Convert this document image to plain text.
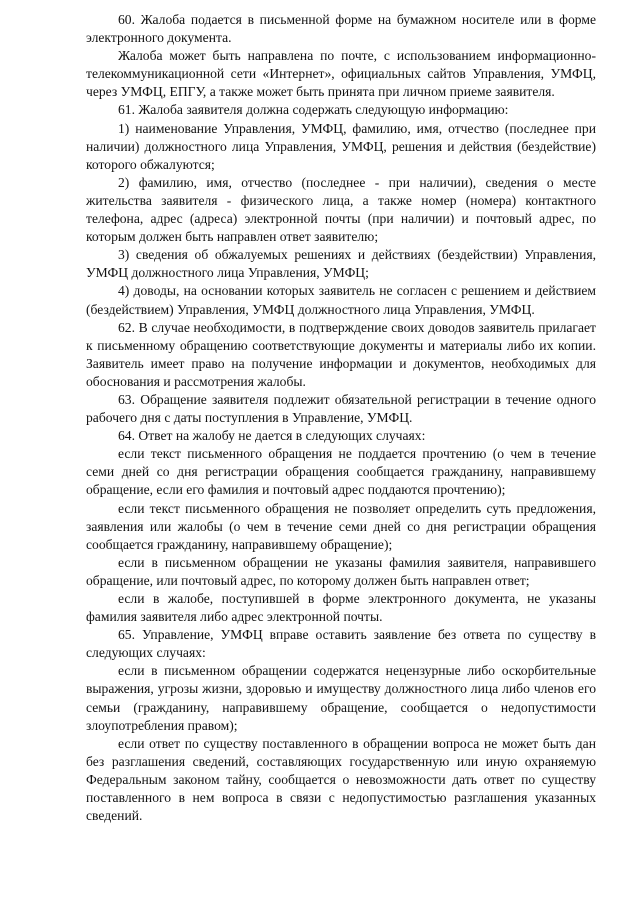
60. Жалоба подается в письменной форме на бумажном носителе или в форме электронного документа.

Жалоба может быть направлена по почте, с использованием информационно-телекоммуникационной сети «Интернет», официальных сайтов Управления, УМФЦ, через УМФЦ, ЕПГУ, а также может быть принята при личном приеме заявителя.

61. Жалоба заявителя должна содержать следующую информацию:

1) наименование Управления, УМФЦ, фамилию, имя, отчество (последнее при наличии) должностного лица Управления, УМФЦ, решения и действия (бездействие) которого обжалуются;

2) фамилию, имя, отчество (последнее - при наличии), сведения о месте жительства заявителя - физического лица, а также номер (номера) контактного телефона, адрес (адреса) электронной почты (при наличии) и почтовый адрес, по которым должен быть направлен ответ заявителю;

3) сведения об обжалуемых решениях и действиях (бездействии) Управления, УМФЦ должностного лица Управления, УМФЦ;

4) доводы, на основании которых заявитель не согласен с решением и действием (бездействием) Управления, УМФЦ должностного лица Управления, УМФЦ.

62. В случае необходимости, в подтверждение своих доводов заявитель прилагает к письменному обращению соответствующие документы и материалы либо их копии. Заявитель имеет право на получение информации и документов, необходимых для обоснования и рассмотрения жалобы.

63. Обращение заявителя подлежит обязательной регистрации в течение одного рабочего дня с даты поступления в Управление, УМФЦ.

64. Ответ на жалобу не дается в следующих случаях:

если текст письменного обращения не поддается прочтению (о чем в течение семи дней со дня регистрации обращения сообщается гражданину, направившему обращение, если его фамилия и почтовый адрес поддаются прочтению);

если текст письменного обращения не позволяет определить суть предложения, заявления или жалобы (о чем в течение семи дней со дня регистрации обращения сообщается гражданину, направившему обращение);

если в письменном обращении не указаны фамилия заявителя, направившего обращение, или почтовый адрес, по которому должен быть направлен ответ;

если в жалобе, поступившей в форме электронного документа, не указаны фамилия заявителя либо адрес электронной почты.

65. Управление, УМФЦ вправе оставить заявление без ответа по существу в следующих случаях:

если в письменном обращении содержатся нецензурные либо оскорбительные выражения, угрозы жизни, здоровью и имуществу должностного лица либо членов его семьи (гражданину, направившему обращение, сообщается о недопустимости злоупотребления правом);

если ответ по существу поставленного в обращении вопроса не может быть дан без разглашения сведений, составляющих государственную или иную охраняемую Федеральным законом тайну, сообщается о невозможности дать ответ по существу поставленного в нем вопроса в связи с недопустимостью разглашения указанных сведений.
